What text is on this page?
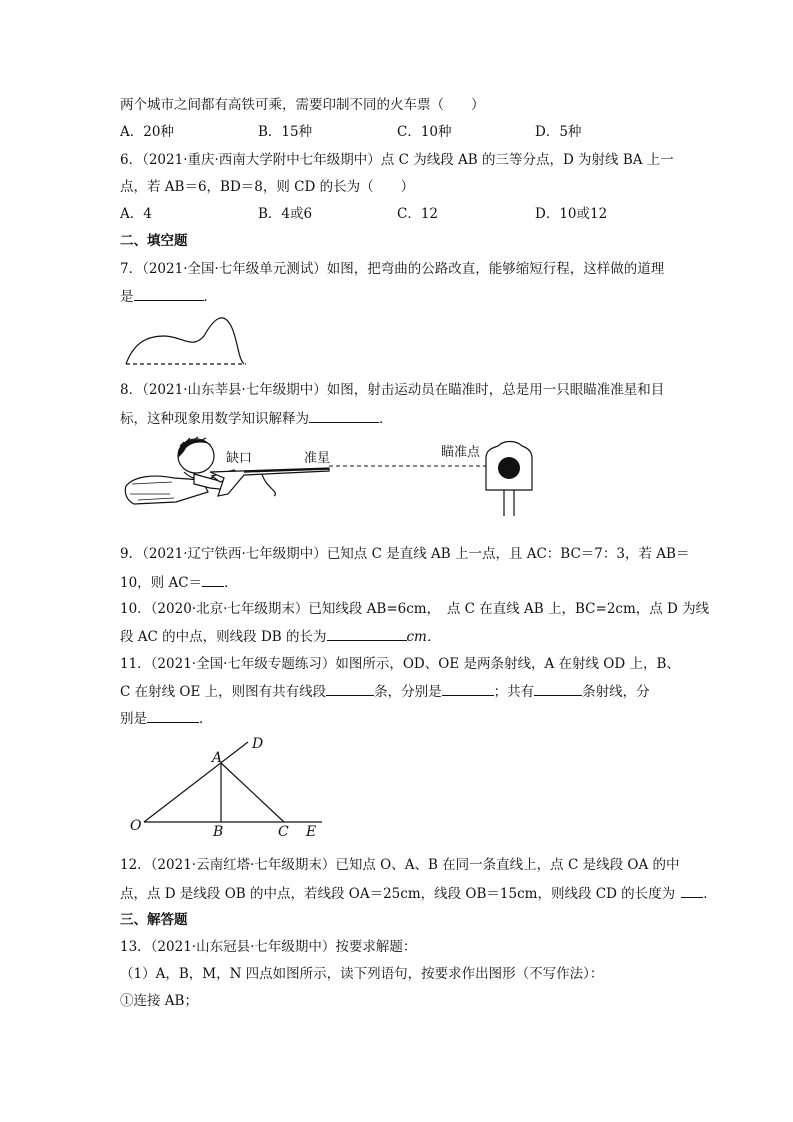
两个城市之间都有高铁可乘，需要印制不同的火车票（　　）
A．20种	B．15种	C．10种	D．5种
6．（2021·重庆·西南大学附中七年级期中）点 C 为线段 AB 的三等分点，D 为射线 BA 上一
点，若 AB＝6，BD＝8，则 CD 的长为（　　）
A．4	B．4或6	C．12	D．10或12
二、填空题
7．（2021·全国·七年级单元测试）如图，把弯曲的公路改直，能够缩短行程，这样做的道理
是	．
8．（2021·山东莘县·七年级期中）如图，射击运动员在瞄准时，总是用一只眼瞄准准星和目
标，这种现象用数学知识解释为	．
缺口	准星	瞄准点
9．（2021·辽宁铁西·七年级期中）已知点 C 是直线 AB 上一点，且 AC：BC＝7：3，若 AB＝
10，则 AC＝ ．
10．（2020·北京·七年级期末）已知线段 AB=6cm，　点 C 在直线 AB 上，BC=2cm，点 D 为线
段 AC 的中点，则线段 DB 的长为	cm．
11．（2021·全国·七年级专题练习）如图所示，OD、OE 是两条射线，A 在射线 OD 上，B、
C 在射线 OE 上，则图有共有线段	条，分别是	；共有	条射线，分
别是	．
O
A
B	C
D
E
12．（2021·云南红塔·七年级期末）已知点 O、A、B 在同一条直线上，点 C 是线段 OA 的中
点，点 D 是线段 OB 的中点，若线段 OA＝25cm，线段 OB＝15cm，则线段 CD 的长度为 ．
三、解答题
13．（2021·山东冠县·七年级期中）按要求解题：
（1）A，B，M，N 四点如图所示，读下列语句，按要求作出图形（不写作法）：
①连接 AB；
